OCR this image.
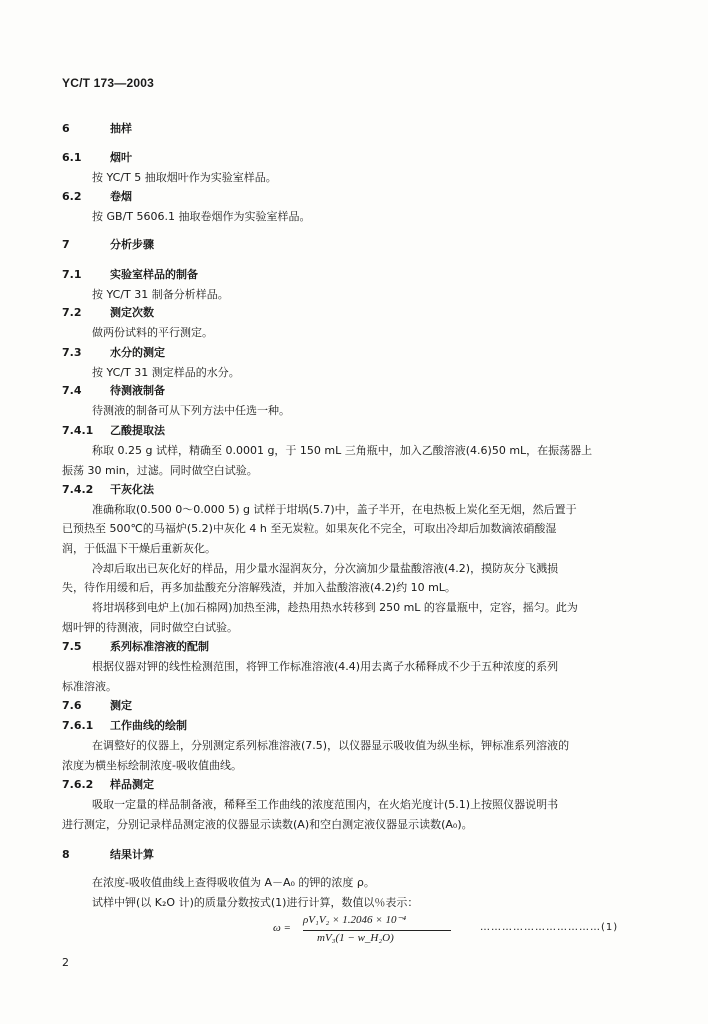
YC/T 173—2003
6	抽样
6.1	烟叶
按 YC/T 5 抽取烟叶作为实验室样品。
6.2	卷烟
按 GB/T 5606.1 抽取卷烟作为实验室样品。
7	分析步骤
7.1	实验室样品的制备
按 YC/T 31 制备分析样品。
7.2	测定次数
做两份试料的平行测定。
7.3	水分的测定
按 YC/T 31 测定样品的水分。
7.4	待测液制备
待测液的制备可从下列方法中任选一种。
7.4.1 乙酸提取法
称取 0.25 g 试样，精确至 0.0001 g，于 150 mL 三角瓶中，加入乙酸溶液(4.6)50 mL，在振荡器上
振荡 30 min，过滤。同时做空白试验。
7.4.2 干灰化法
准确称取(0.500 0～0.000 5) g 试样于坩埚(5.7)中，盖子半开，在电热板上炭化至无烟，然后置于
已预热至 500℃的马福炉(5.2)中灰化 4 h 至无炭粒。如果灰化不完全，可取出冷却后加数滴浓硝酸湿
润，于低温下干燥后重新灰化。
冷却后取出已灰化好的样品，用少量水湿润灰分，分次滴加少量盐酸溶液(4.2)，摸防灰分飞溅损
失，待作用缓和后，再多加盐酸充分溶解残渣，并加入盐酸溶液(4.2)约 10 mL。
将坩埚移到电炉上(加石棉网)加热至沸，趁热用热水转移到 250 mL 的容量瓶中，定容，摇匀。此为
烟叶钾的待测液，同时做空白试验。
7.5	系列标准溶液的配制
根据仪器对钾的线性检测范围，将钾工作标准溶液(4.4)用去离子水稀释成不少于五种浓度的系列
标准溶液。
7.6	测定
7.6.1 工作曲线的绘制
在调整好的仪器上，分别测定系列标准溶液(7.5)，以仪器显示吸收值为纵坐标，钾标准系列溶液的
浓度为横坐标绘制浓度-吸收值曲线。
7.6.2 样品测定
吸取一定量的样品制备液，稀释至工作曲线的浓度范围内，在火焰光度计(5.1)上按照仪器说明书
进行测定，分别记录样品测定液的仪器显示读数(A)和空白测定液仪器显示读数(A₀)。
8	结果计算
在浓度-吸收值曲线上查得吸收值为 A－A₀ 的钾的浓度 ρ。
试样中钾(以 K₂O 计)的质量分数按式(1)进行计算，数值以％表示：
ω =
ρV₁V₂ × 1.2046 × 10⁻⁴
mV₃(1 − w_H₂O)
……………………………(1)
2
